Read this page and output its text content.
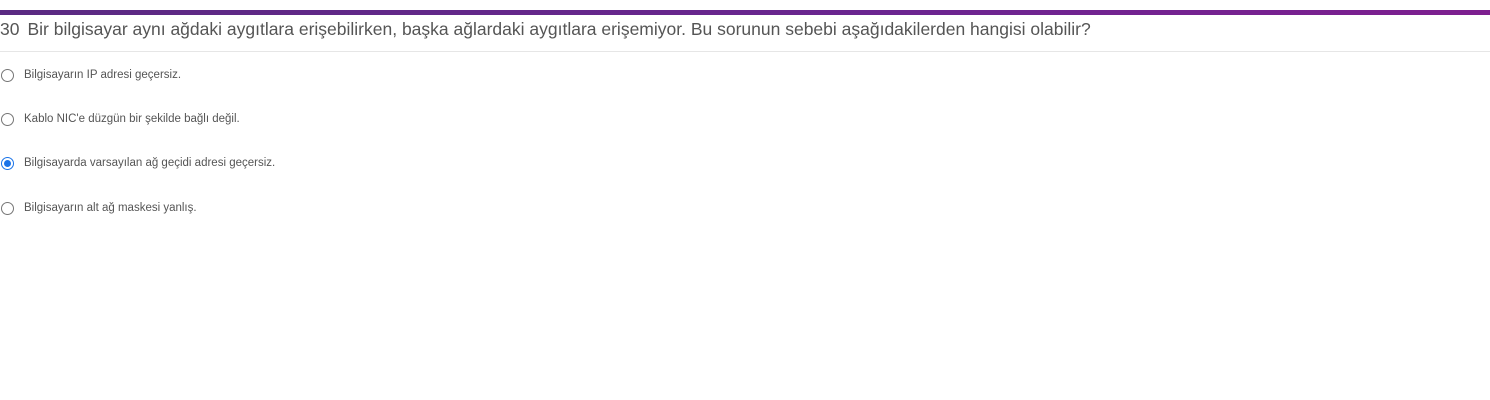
30 Bir bilgisayar aynı ağdaki aygıtlara erişebilirken, başka ağlardaki aygıtlara erişemiyor. Bu sorunun sebebi aşağıdakilerden hangisi olabilir?
Bilgisayarın IP adresi geçersiz.
Kablo NIC'e düzgün bir şekilde bağlı değil.
Bilgisayarda varsayılan ağ geçidi adresi geçersiz.
Bilgisayarın alt ağ maskesi yanlış.
